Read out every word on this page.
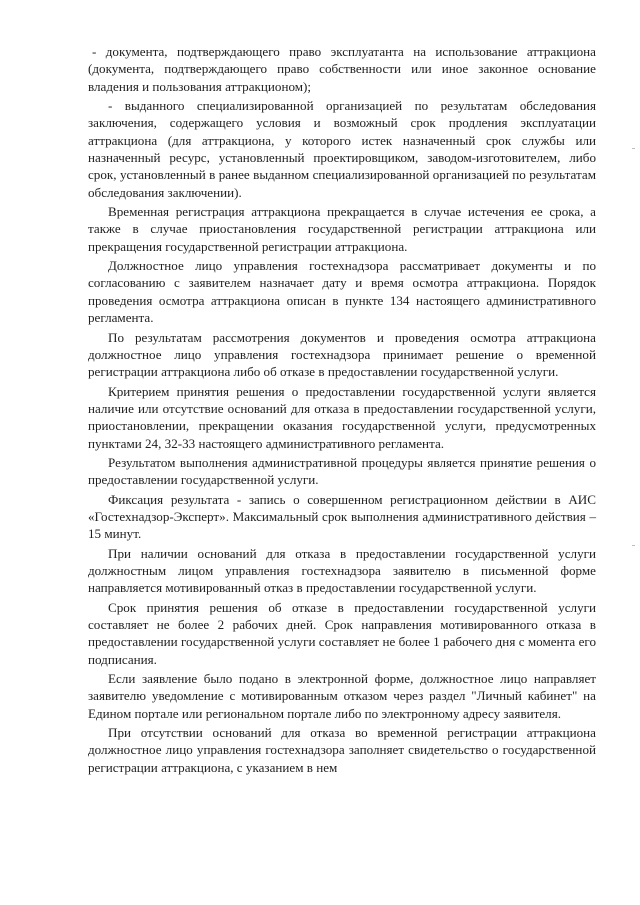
- документа, подтверждающего право эксплуатанта на использование аттракциона (документа, подтверждающего право собственности или иное законное основание владения и пользования аттракционом);

- выданного специализированной организацией по результатам обследования заключения, содержащего условия и возможный срок продления эксплуатации аттракциона (для аттракциона, у которого истек назначенный срок службы или назначенный ресурс, установленный проектировщиком, заводом-изготовителем, либо срок, установленный в ранее выданном специализированной организацией по результатам обследования заключении).

Временная регистрация аттракциона прекращается в случае истечения ее срока, а также в случае приостановления государственной регистрации аттракциона или прекращения государственной регистрации аттракциона.

Должностное лицо управления гостехнадзора рассматривает документы и по согласованию с заявителем назначает дату и время осмотра аттракциона. Порядок проведения осмотра аттракциона описан в пункте 134 настоящего административного регламента.

По результатам рассмотрения документов и проведения осмотра аттракциона должностное лицо управления гостехнадзора принимает решение о временной регистрации аттракциона либо об отказе в предоставлении государственной услуги.

Критерием принятия решения о предоставлении государственной услуги является наличие или отсутствие оснований для отказа в предоставлении государственной услуги, приостановлении, прекращении оказания государственной услуги, предусмотренных пунктами 24, 32-33 настоящего административного регламента.

Результатом выполнения административной процедуры является принятие решения о предоставлении государственной услуги.

Фиксация результата - запись о совершенном регистрационном действии в АИС «Гостехнадзор-Эксперт». Максимальный срок выполнения административного действия – 15 минут.

При наличии оснований для отказа в предоставлении государственной услуги должностным лицом управления гостехнадзора заявителю в письменной форме направляется мотивированный отказ в предоставлении государственной услуги.

Срок принятия решения об отказе в предоставлении государственной услуги составляет не более 2 рабочих дней. Срок направления мотивированного отказа в предоставлении государственной услуги составляет не более 1 рабочего дня с момента его подписания.

Если заявление было подано в электронной форме, должностное лицо направляет заявителю уведомление с мотивированным отказом через раздел "Личный кабинет" на Едином портале или региональном портале либо по электронному адресу заявителя.

При отсутствии оснований для отказа во временной регистрации аттракциона должностное лицо управления гостехнадзора заполняет свидетельство о государственной регистрации аттракциона, с указанием в нем
